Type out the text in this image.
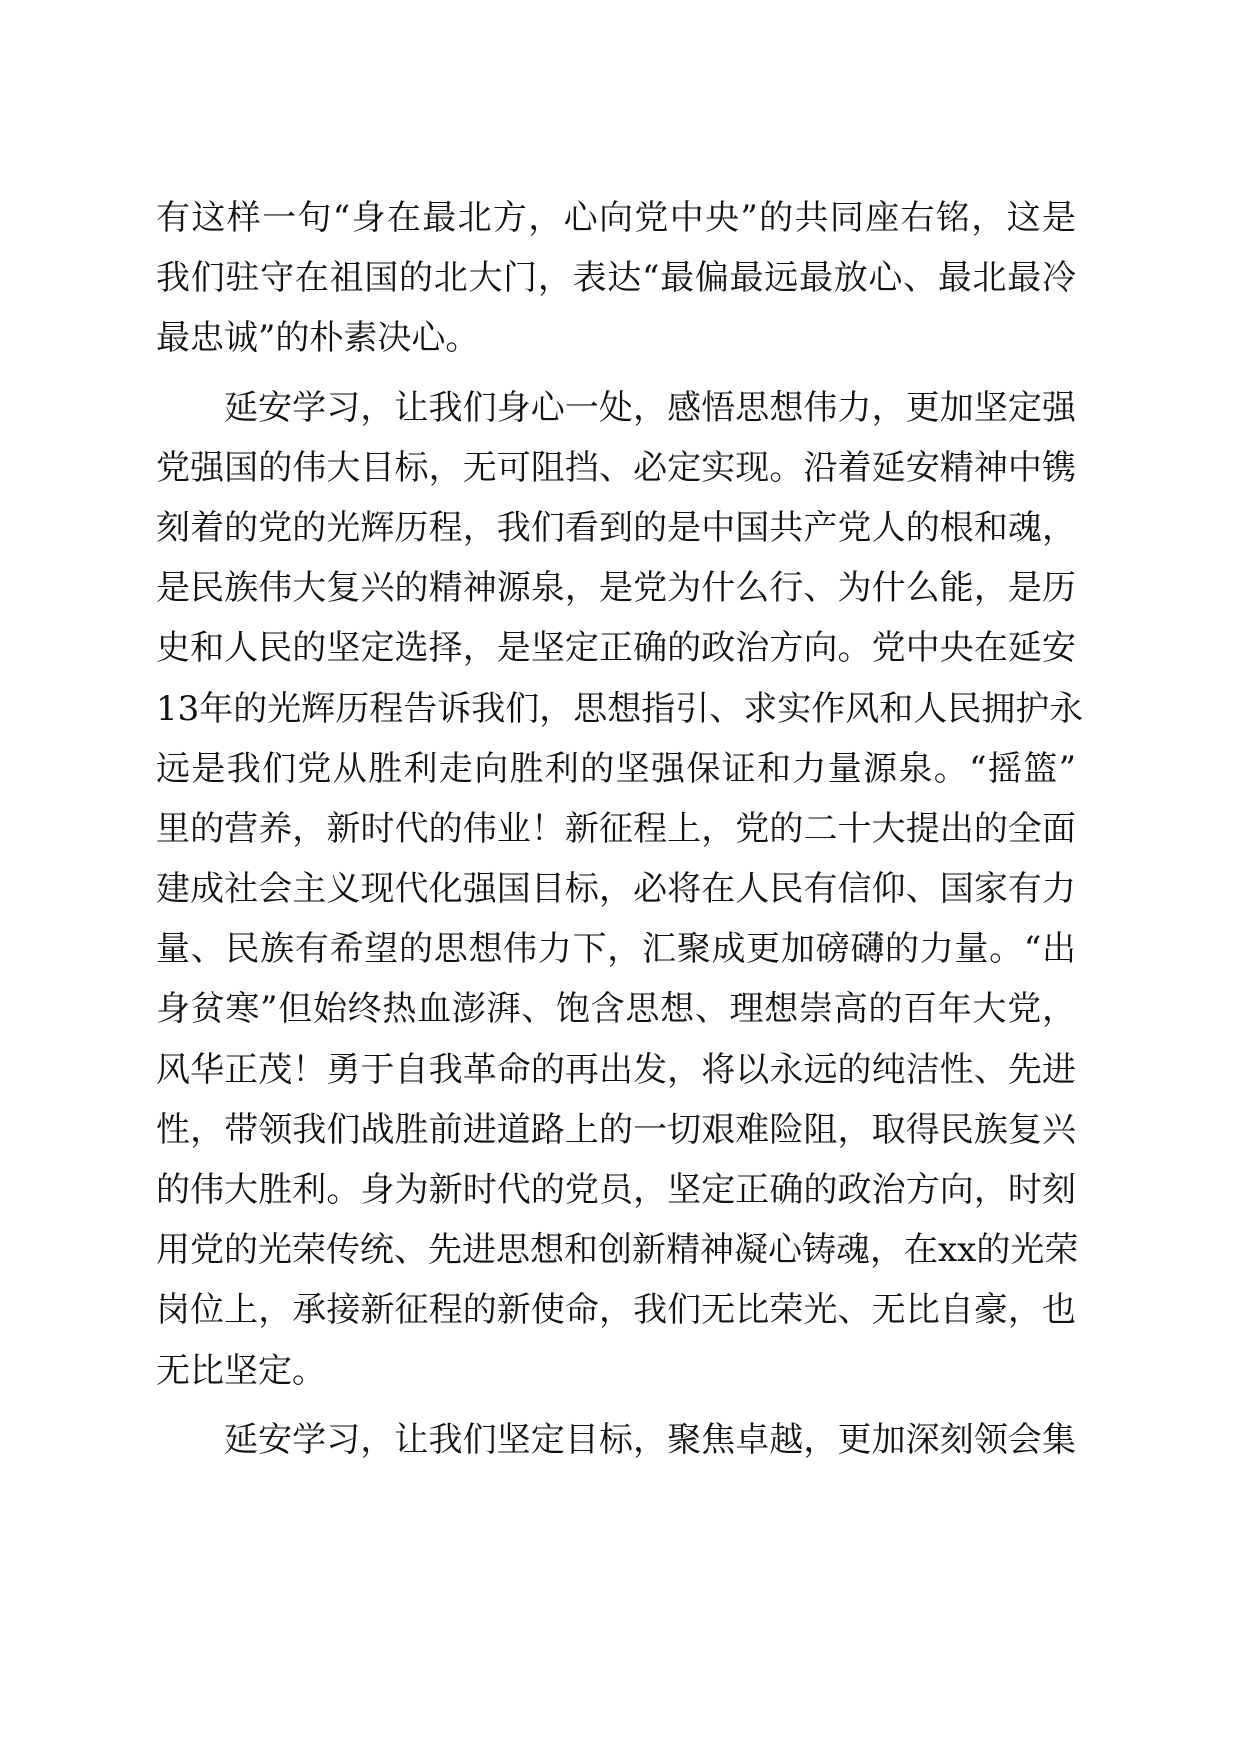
有这样一句“身在最北方，心向党中央”的共同座右铭，这是
我们驻守在祖国的北大门，表达“最偏最远最放心、最北最冷
最忠诚”的朴素决心。
延安学习，让我们身心一处，感悟思想伟力，更加坚定强
党强国的伟大目标，无可阻挡、必定实现。沿着延安精神中镌
刻着的党的光辉历程，我们看到的是中国共产党人的根和魂，
是民族伟大复兴的精神源泉，是党为什么行、为什么能，是历
史和人民的坚定选择，是坚定正确的政治方向。党中央在延安
13年的光辉历程告诉我们，思想指引、求实作风和人民拥护永
远是我们党从胜利走向胜利的坚强保证和力量源泉。“摇篮”
里的营养，新时代的伟业！新征程上，党的二十大提出的全面
建成社会主义现代化强国目标，必将在人民有信仰、国家有力
量、民族有希望的思想伟力下，汇聚成更加磅礴的力量。“出
身贫寒”但始终热血澎湃、饱含思想、理想崇高的百年大党，
风华正茂！勇于自我革命的再出发，将以永远的纯洁性、先进
性，带领我们战胜前进道路上的一切艰难险阻，取得民族复兴
的伟大胜利。身为新时代的党员，坚定正确的政治方向，时刻
用党的光荣传统、先进思想和创新精神凝心铸魂，在xx的光荣
岗位上，承接新征程的新使命，我们无比荣光、无比自豪，也
无比坚定。
延安学习，让我们坚定目标，聚焦卓越，更加深刻领会集
